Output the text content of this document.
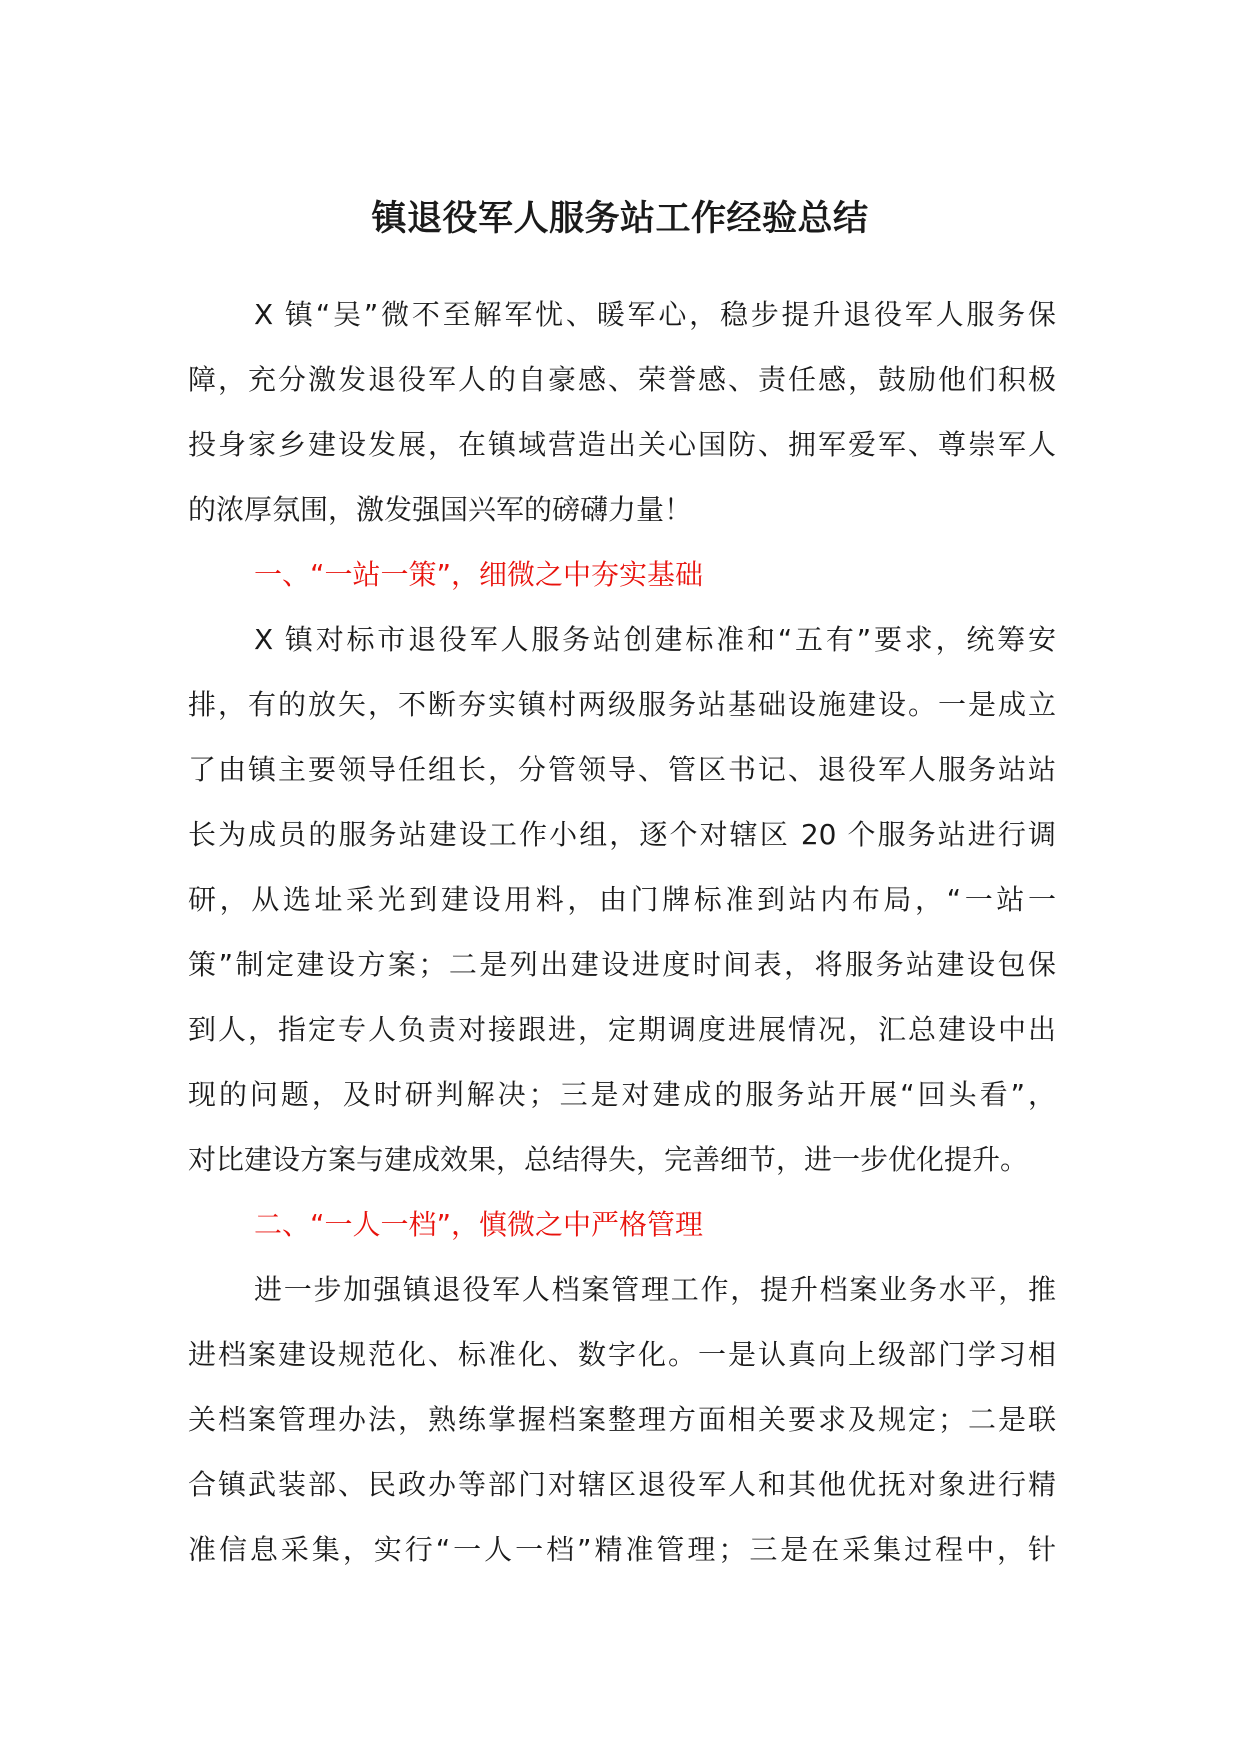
镇退役军人服务站工作经验总结
X 镇“吴”微不至解军忧、暖军心，稳步提升退役军人服务保
障，充分激发退役军人的自豪感、荣誉感、责任感，鼓励他们积极
投身家乡建设发展，在镇域营造出关心国防、拥军爱军、尊崇军人
的浓厚氛围，激发强国兴军的磅礴力量！
一、“一站一策”，细微之中夯实基础
X 镇对标市退役军人服务站创建标准和“五有”要求，统筹安
排，有的放矢，不断夯实镇村两级服务站基础设施建设。一是成立
了由镇主要领导任组长，分管领导、管区书记、退役军人服务站站
长为成员的服务站建设工作小组，逐个对辖区 20 个服务站进行调
研，从选址采光到建设用料，由门牌标准到站内布局，“一站一
策”制定建设方案；二是列出建设进度时间表，将服务站建设包保
到人，指定专人负责对接跟进，定期调度进展情况，汇总建设中出
现的问题，及时研判解决；三是对建成的服务站开展“回头看”，
对比建设方案与建成效果，总结得失，完善细节，进一步优化提升。
二、“一人一档”，慎微之中严格管理
进一步加强镇退役军人档案管理工作，提升档案业务水平，推
进档案建设规范化、标准化、数字化。一是认真向上级部门学习相
关档案管理办法，熟练掌握档案整理方面相关要求及规定；二是联
合镇武装部、民政办等部门对辖区退役军人和其他优抚对象进行精
准信息采集，实行“一人一档”精准管理；三是在采集过程中，针
